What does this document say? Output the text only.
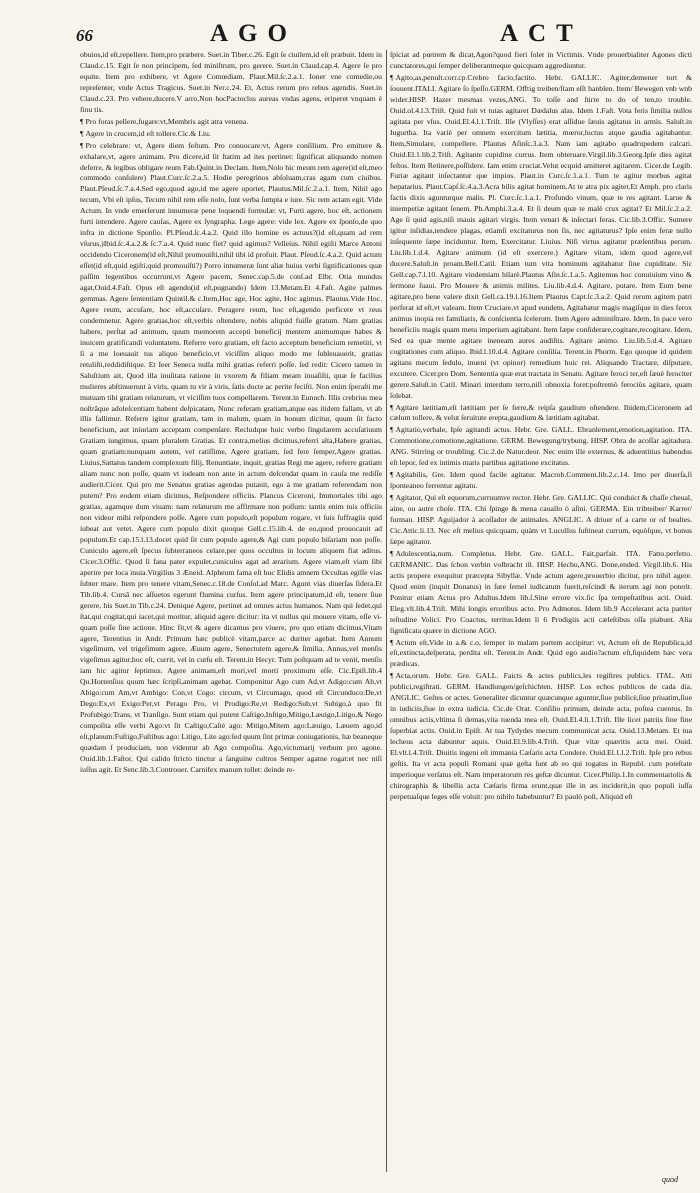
66	AGO	ACT

obuios,id eſt,repellere. Item,pro præbere. Suet.in Tiber.c.26. Egit ſe ciuilem,id eſt præbuit. Idem in Claud.c.15. Egit ſe non principem, ſed miniſtrum, pro gerere. Suet.in Claud.cap.4. Agere ſe pro equite. Item pro exhibere, vt Agere Comœdiam. Plaut.Mil.ſc.2.a.1. Ioner vne comedie,ou repreſenter, vnde Actus Tragicus. Suet.in Ner.c.24. Et, Actus rerum pro rebus agendis. Suet.in Claud.c.23. Pro vehere,ducere.V arro,Non hocPactoclus aureas vndas agens, eriperet vnquam è finu tis.

¶ Pro foras pellere,fugare:vt,Membris agit atra venena.

¶ Agere in crucem,id eſt tollere.Cic.& Liu.

¶ Pro celebrare: vt, Agere diem feſtum. Pro conuocare:vt, Agere conſilium. Pro emittere & exhalare,vt, agere animam. Pro dicere,id ſit ſtatim ad ites pertinet: ſignificat aliquando nomen deferre, & legibus obligare reum Fab.Quint.in Declam. Item,Nolo hic meum rem agere(id eſt,meo commodo conſulere) Plaut.Curc.ſc.2.a.5. Hodie peregrinos abſoluam,cras agam cum ciuibus. Plaut.Pſeud.ſc.7.a.4.Sed ego,quod ago,id me agere oportet, Plautus.Mil.ſc.2.a.1. Item, Nihil ago tecum, Vbi eſt ipſus, Tecum nihil rem eſſe nolo, ſunt verba ſumpta e iure. Sic rem actam egit. Vide Actum. In vnde emerſerunt innumeræ pene loquendi formulæ: vt, Furti agere, hoc eſt, actionem furti intendere. Agere cauſas, Agere ex ſyngrapha. Lege agere: vide lex. Agere ex ſponſo,de quo infra in dictione Sponſio. Pl.Pſeud.ſc.4.a.2. Quid illo homine es actuus?(id eſt,quam ad rem vſurus,)Ibid.ſc.4.a.2.& ſc.7.a.4. Quid nunc fiet? quid agimus? Velleius. Nihil egiſti Marce Antoni occidendo Ciceronem(id eſt,Nihil promouiſti,nihil tibi id profuit. Plaut. Pſeud.ſc.4.a.2. Quid actum eſſet(id eſt,quid egiſti,quid promouiſti?) Porro innumeræ ſunt aliæ huius verbi ſignificationes quæ paſſim legentibus occurrunt,vt Agere pacem, Senec.cap.5.de conſ.ad Elbr. Otia mundus agat,Ouid.4.Faſt. Opus eſt agendo(id eſt,pugnando) Idem 13.Metam.Et 4.Faſt. Agite palmes gemmas. Agere ſententiam Quintil.& c.Item,Hoc age, Hoc agite, Hoc agimus. Plautus.Vide Hoc. Agere reum, accuſare, hoc eſt,accuſare. Peragere reum, hoc eſt,agendo perficere vt reus condemnetur. Agere gratias,hoc eſt,verbis oſtendere, nobis aliquid fuiſſe gratum. Nam gratias habere, perſtat ad animum, quum memorem accepti beneficij mentem animumque habes & inuicem gratificandi voluntatem. Referre vero gratiam, eſt facto acceptum beneficium remetiri, vt ſi a me loeuauit tus aliquo beneficio,vt viciſſim aliquo modo me ſubleuauerit, gratias retuliſti,reddidiſtique. Et Ieer Seneca nulla mihi gratias referri poſſe. ſed redit: Cicero tamen in Saluſtium ait, Quod illa inuſitata ratione in vxorem & filiam meam inuaſiſti, quæ ſe facilius mulieres abſtinuerunt à viris, quam tu vir à viris, ſatis docte ac perite feciſti. Non enim ſperaſti me mutuam tibi gratiam relaturum, vt viciſſim tuos compellarem. Terent.in Eunuch. Illis crebrius mea noſtrâque adoleſcentiam habent deſpicatam, Nunc referam gratiam,atque eas itidem fallam, vt ab illis fallimur. Referre igitur gratiam, tam in malum, quam in bonum dicitur, quum ſit facto beneficium, aut iniuriam acceptam compenſare. Recludque huic verbo ſingularem accuſatiuum Gratiam iungimus, quam pluralem Gratias. Et contra,melius dicimus,referri alta,Habere gratias, quam gratiam:nunquam autem, vel ratiſſime, Agere gratiam, ſed fere ſemper,Agere gratias. Liuius,Sattatus tandem complexum filij, Renuntiate, inquit, gratias Regi me agere, referre gratiam aliam nunc non poſſe, quam vt iudeam non ante in actum deſcendat quam in cauſa me rediſſe audierit.Cicer. Qui pro me Senatus gratias agendas putauit, ego à me gratiam referendam non putem? Pro eodem etiam dicimus, Reſpondere officiis. Plancus Ciceroni, Immortales tibi ago gratias, agamque dum viuam: nam relaturum me affirmare non poſſum: tantis enim tuis officiis non videor mihi reſpondere poſſe. Agere cum populo,eſt populum rogare, vt ſuis ſuffragiis quid iubeat aut vetet. Agere cum populo dixit quoque Gell.c.15.lib.4. de eo,quod prouocauit ad populum.Et cap.15.l.13.docet quid ſit cum populo agere,& Agi cum populo biſariam non poſſe. Cuniculo agere,eſt ſpecus ſubterraneos celare,per quos occultus in locum aliquem fiat aditus. Cicer.3.Offic. Quod ſi fana pater expulet,cuniculos agat ad ærarium. Agere viam,eſt viam ſibi aperire per loca inuia.Virgilius 3 Æneid. Alpheum fama eſt huc Elidis amnem Occultas egiſſe vias ſubter mare. Item pro tenere vitam,Senec.c.18.de Conſol.ad Marc. Agunt vias diuerſas ſidera.Et Tib.lib.4. Cursâ nec aſſuetos egerunt flumina curſus. Item agere principatum,id eſt, tenere ſiue gerere, his Suet.in Tib.c.24. Denique Agere, pertinet ad omnes actus humanos. Nam qui ſedet,qui ſtat,qui cogitat,qui iacet,qui moritur, aliquid agere dicitur: ita vt nullus qui mouere vitam, eſſe vi- quam poſſe ſine actione. Hinc fit,vt & agere dicamus pro viuere, pro quo etiam dicimus,Vitam agere, Terentius in Andr. Primum hæc publicè vitam,parce ac duriter agebat. Item Annum vigeſimum, vel trigeſimum agere, Æuum agere, Senectutem agere,& ſimilia. Annus,vel menſis vigeſimus agitur,hoc eſt, currit, vel in curſu eſt. Terent.in Hecyr. Tum poſtquam ad te venit, menſis iam hic agitur ſeptimus. Agere animam,eſt mori,vel morti proximum eſſe. Cic.Epiſt.lib.4 Qu.Hortenſius quum hæc ſcripſi,animam agebat. Componitur Ago cum Ad,vt Adigo:cum Ab,vt Abigo:cum Am,vt Ambigo: Con,vt Cogo: circum, vt Circumago, quod eſt Circunduco:De,vt Dego:Ex,vt Exigo:Per,vt Perago Pro, vt Prodigo:Re,vt Redigo:Sub,vt Subigo,à quo fit Profubigo:Trans, vt Tranſigo. Sunt etiam qui putent Caſtigo,Inſtigo,Mitigo,Læuigo,Litigo,& Nego compoſita eſſe verbi Ago:vt ſit Caſtigo,Caſtè ago: Mitigo,Mitem ago:Læuigo, Læuem ago,id eſt,planum:Fuſtigo,Fuſtibus ago: Litigo, Lite ago:ſed quum ſint primæ coniugationis, hæ beaneque quædam ſ produciam, non videntur ab Ago compoſita. Ago,victumarij verbum pro agone. Ouid.lib.1.Faſtor. Qui calido ſtricto tinctur a ſanguine cultros Semper agatne rogat:et nec niſi iuſſus agit. Et Senc.lib.3.Controuer. Carnifex manum tollet: deinde re-

ſpiciat ad pœtrem & dicat,Agon?quod fieri ſolet in Victimis. Vnde prouerbialiter Agones dicti cunctatores,qui ſemper deliberantneque quicquam aggrediuntur.

¶ Agito,as,penult.corr.cp.Crebro facio,factito. Hebr. GALLIC. Agiter,demener tort & ſouuent.ITALI. Agitare ſo ſpeſſo.GERM. Offtig treiben/ſtam eſſt hanblen. Item/ Bewegen vnb wnb wider.HISP. Hazer mesmas vezes,ANG. To toſſe and ſtirre to do of ten,to trouble. Ouid.ol.4.l.3.Triſt. Quid fuit vt tutas agitaret Dædalus alas. Idem 1.Faſt. Vota feris ſimilia nullos agitata per vſus. Ouid.El.4.l.1.Triſt. Ille (Vlyſſes) erat aſſidue ſæuis agitatus in armis. Saluſt.in Iugurtha. Ita variè per omnem exercitum lætitia, mœror,luctus atque gaudia agitabantur. Item,Simulare, compellere. Plautus Aſinſc.3.a.3. Nam iam agitabo quadrupedem calcari. Ouid.El.1.lib.2.Triſt. Agitante cupidine currus. Item obteruare.Virgil.lib.3.Georg.Ipſe dies agitat feſtos. Item Retinere,poſſidere. Iam enim cruciat.Velut ecquid amitteret agitarem. Cicer.de Legib. Furiæ agitant inſectantur que impios. Plaut.in Curc.ſc.1.a.1. Tum te agitur morbus agitat hepatarius. Plaut.Capſ.ſc.4.a.3.Acra bilis agitat hominem.At te atra pix agitet.Et Amph. pro claris factis dixis agunturque malis. Pl. Curc.ſc.1.a.1. Profundo vinum, quæ te res agitant. Larue & iniempetiæ agitant ſenem. Ph.Amphi.3.a.4. Et ſi deum quæ te malè crux agitat? Et Mil.ſc.2.a.2. Age ſi quid agis,niſi mauis agitari virgis. Item venari & inſectari feras. Cic.lib.3.Offic. Sumere igitur inſidias,tendere plagas, etiamſi excitaturus non ſis, nec agitaturus? Ipſe enim feræ nullo inſequente ſæpe inciduntur. Item, Exercitatur. Liuius. Niſi virtus agitatur præſentibus perum. Liu.lib.1.d.4. Agitare animum (id eſt exercere.) Agitare vitam, idem quod agere,vel ducere.Saluſt.in proam.Bell.Catil. Etiam tum vita hominum agitabatur ſine cupiditate. Sic Gell.cap.7.l.10. Agitare vindemiam hilarè.Plautus Aſin.ſc.1.a.5. Agitemus hoc conuiuium vino & ſermone ſuaui. Pro Mouere & animis milites. Liu.lib.4.d.4. Agitare, putare. Item Eum bene agitare,pro bene valere dixit Gell.ca.19.l.16.Item Plautus Capt.ſc.3.a.2. Quid rerum agitem patri perferat id eſt,vt valeam. Item Cruciare,vt apud eundem, Agitabatur magis magiſque in dies ferox animus inopia rei familiaris, & conſcientia ſcelerum. Item Agere adminiſtrare. Idem, In pace vero beneficiis magis quam metu imperium agitabant. Item ſæpe conſiderare,cogitare,recogitare. Idem, Sed ea quæ mente agitare ineneam aures audiſtis. Agitare animo. Liu.lib.5.d.4. Agitare cogitationes cum aliquo. Ibid.l.10.d.4. Agitare conſilia. Terent.in Phorm. Ego quoque id quidem agitans mecum ſedulo, inueni (vt opinor) remedium huic rei. Aliquando Tractare, diſputare, excutere. Cicer.pro Dom. Sententia quæ erat tractata in Senatu. Agitare feroci ter,eſt ſæuè ferociter gerere.Saluſt.in Catil. Minari interdum terro,niſi obnoxia foret:poſtremò ferociùs agitare, quam ſolebat.

¶ Agitare lætitiam,eſt lætitiam per ſe ferre,& reipſa gaudium oſtendere. Ibidem,Ciceronem ad cælum tollere, & velut ſeruitute erepta,gaudium & lætitiam agitabat.

¶ Agitatio,verbale, Ipſe agitandi actus. Hebr. Gre. GALL. Ebranlement,emotion,agitation. ITA. Commotione,comotione,agitatione. GERM. Bewegung/trybung. HISP. Obra de acoſſar agitadura. ANG. Stirring or troubling. Cic.2.de Natur.deor. Nec enim ille externus, & aduentitius habendus eſt lepor, ſed ex intimis maris partibus agitatione excitatus.

¶ Agitabilis, Gre. Idem quod facile agitatur. Macrob.Comment.lib.2.c.14. Imo per diuerſa,ſi ſponteaneo ferrentur agitatu.

¶ Agitator, Qui eſt equorum,curruumve rector. Hebr. Gre. GALLIC. Qui conduict & chaſſe cheual, aine, ou autre choſe. ITA. Chi ſpinge & mena cauallo ò aſini. GERMA. Ein tribteiber/ Karrer/ furman. HISP. Aguijador à acoſſador de animales. ANGLIC. A driuer of a carte or of beaſtes. Cic.Attic.li.13. Nec eſt melius quicquam, quàm vt Lucullus ſuſtineat currum, equòſque, vt bonus ſæpe agitator.

¶ Adulescentia,num. Completus. Hebr. Gre. GALL. Fait,parfait. ITA. Fatto.perfetto. GERMANIC. Das ſchon verbin volbracht iſt. HISP. Hecho,ANG. Done,ended. Virgil.lib.6. His actis propere exequitur præcepta Sibyllæ. Vnde actum agere,prouerbio dicitur, pro nihil agere. Quod enim (inquit Donatus) in ſure ſemel iudicatum fuerit,reſcindi & iterum agi non poterit. Ponitur etiam Actus pro Adultus.Idem lib.ſ.Sine errore vix.ſic ſpa tempeſtatibus acti. Ouid. Eleg.vlt.lib.4.Triſt. Mihi longis erroribus acto. Pro Admotus. Idem lib.9 Accelerant acta pariter teſtudine Volici. Pro Coactus, territus.Idem li 6 Prodigiis acti cæleſtibus oſſa piabunt. Alia ſignificata quære in dictione AGO.

¶ Actum eſt,Vide in a.& c.o, ſemper in malam partem accipitur: vt, Actum eſt de Republica,id eſt,extincta,deſperata, perdita eſt. Terent.in Andr. Quid ego audio?actum eſt,ſiquidem hæc vera prædicas.

¶ Acta,orum. Hebr. Gre. GALL. Faicts & actes publics,les regiſtres publics. ITAL. Atti publici,regiſtrati. GERM. Handlungen/geſchichten. HISP. Los echos publicos de cada dia. ANGLIC. Geſtes or actes. Generaliter dicuntur quæcunque aguntur,ſiue publicè,ſiue priuatim,ſiue in iudiciis,ſiue in extra iudicia. Cic.de Orat. Conſilio primum, deinde acta, poſtea cuentus. In omnibus actis,vltima ſi demas,vita tuenda mea eſt. Ouid.El.4.li.1.Triſt. Ille licet patriis ſine fine ſuperbiat actis. Ouid.in Epiſt. At tua Tydydes mecum communicat acta. Ouid.13.Metam. Et tua lecheus acta dabuntur aquis. Ouid.El.9.lib.4.Triſt. Quæ vitæ quæritis acta mei. Ouid. El.vlt.l.4.Triſt. Diuitis ingeni eſt immania Cæſaris acta Condere. Ouid.El.1.l.2.Triſt. Ipſe pro rebus geſtis. Ita vt acta populi Romani quæ geſta ſunt ab eo qui togatus in Republ. cum poteſtate imperioque verſatus eſt. Nam imperatorum res geſtæ dicuntur. Cicer.Philip.1.In commentariolis & chirographis & libellis acta Cæſaris firma erunt,quæ ille in æs inciderit,in quo populi iuſſa perpetuaſque leges eſſe voluit: pro nihilo habebuntur? Et paulò poſt, Aliquid eſt

quod
